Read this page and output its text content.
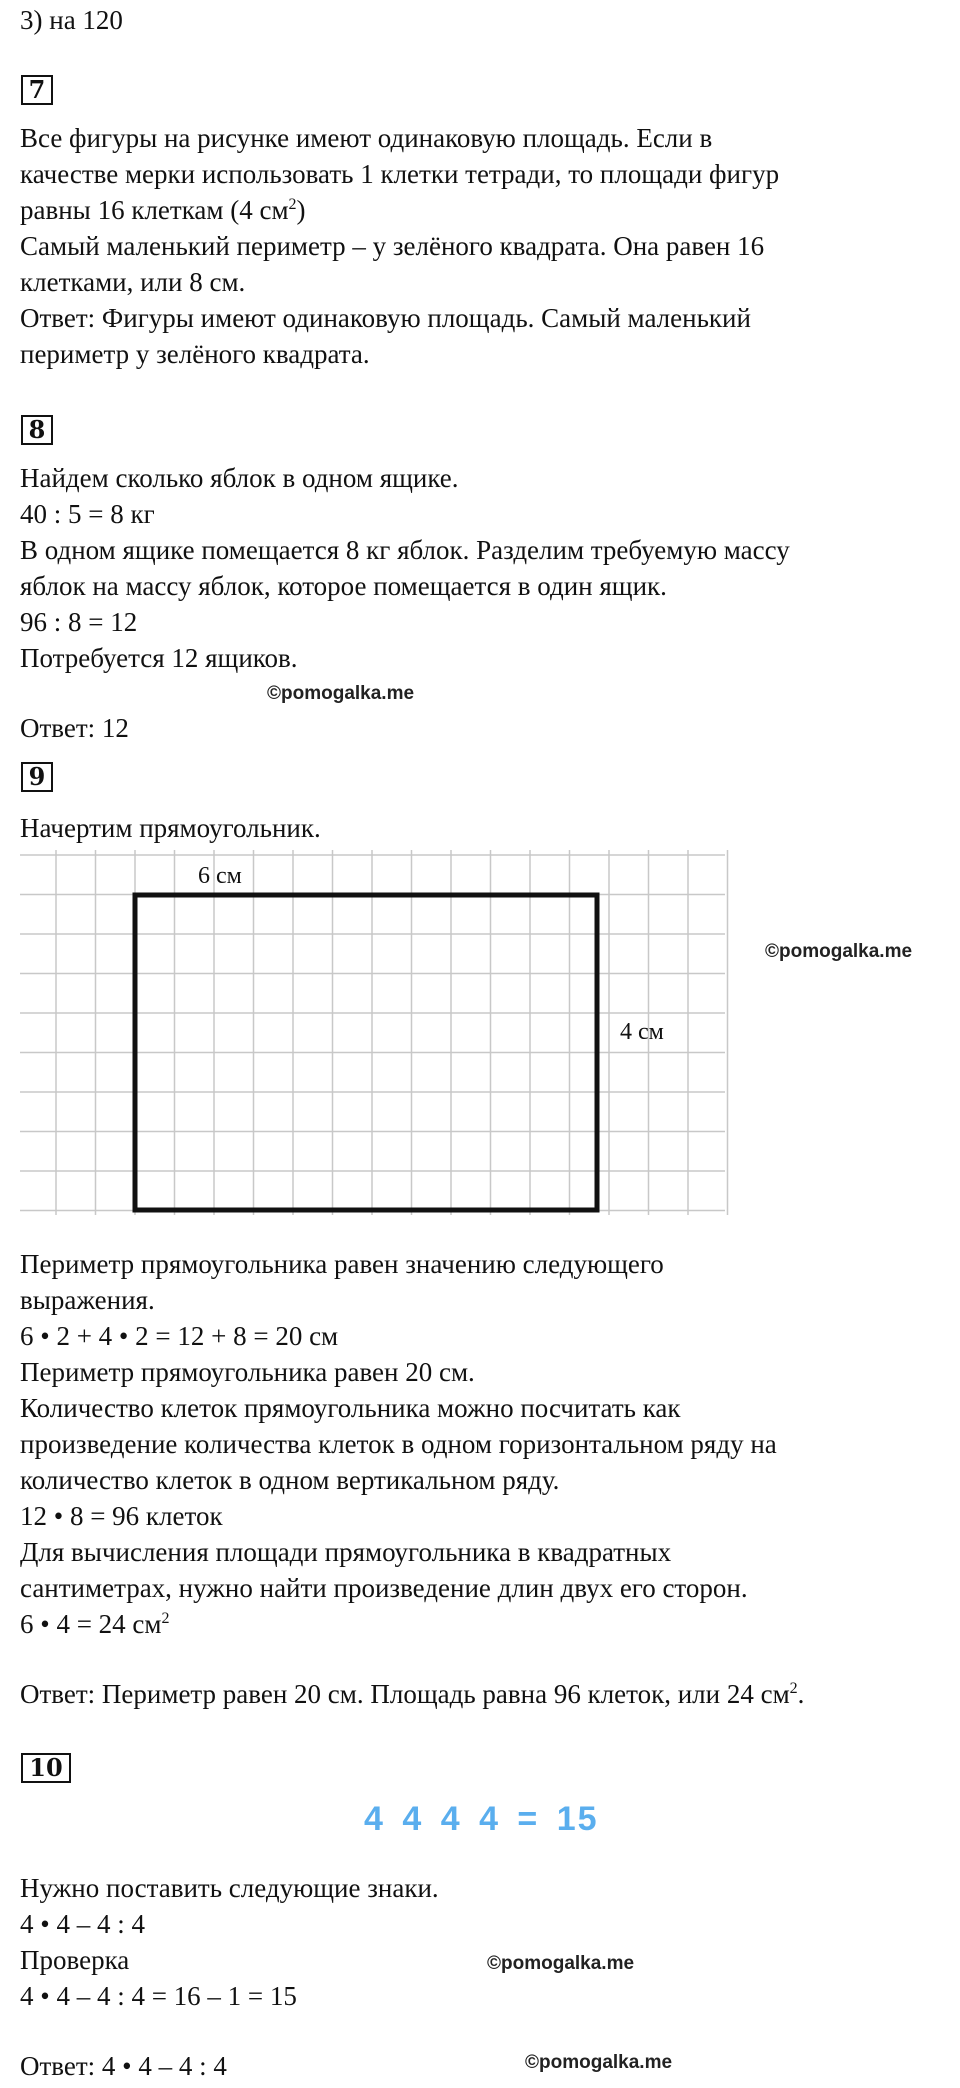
3) на 120
7
Все фигуры на рисунке имеют одинаковую площадь. Если в
качестве мерки использовать 1 клетки тетради, то площади фигур
равны 16 клеткам (4 $см^2$)
Самый маленький периметр – у зелёного квадрата. Она равен 16
клетками, или 8 см.
Ответ: Фигуры имеют одинаковую площадь. Самый маленький
периметр у зелёного квадрата.
8
Найдем сколько яблок в одном ящике.
40 : 5 = 8 кг
В одном ящике помещается 8 кг яблок. Разделим требуемую массу
яблок на массу яблок, которое помещается в один ящик.
96 : 8 = 12
Потребуется 12 ящиков.
©pomogalka.me
Ответ: 12
9
Начертим прямоугольник.
6 см
4 см
©pomogalka.me
Периметр прямоугольника равен значению следующего
выражения.
6 • 2 + 4 • 2 = 12 + 8 = 20 см
Периметр прямоугольника равен 20 см.
Количество клеток прямоугольника можно посчитать как
произведение количества клеток в одном горизонтальном ряду на
количество клеток в одном вертикальном ряду.
12 • 8 = 96 клеток
Для вычисления площади прямоугольника в квадратных
сантиметрах, нужно найти произведение длин двух его сторон.
6 • 4 = 24 $см^2$
Ответ: Периметр равен 20 см. Площадь равна 96 клеток, или 24 $см^2$.
10
4 4 4 4 = 15
Нужно поставить следующие знаки.
4 • 4 – 4 : 4
Проверка	©pomogalka.me
4 • 4 – 4 : 4 = 16 – 1 = 15
Ответ: 4 • 4 – 4 : 4	©pomogalka.me
